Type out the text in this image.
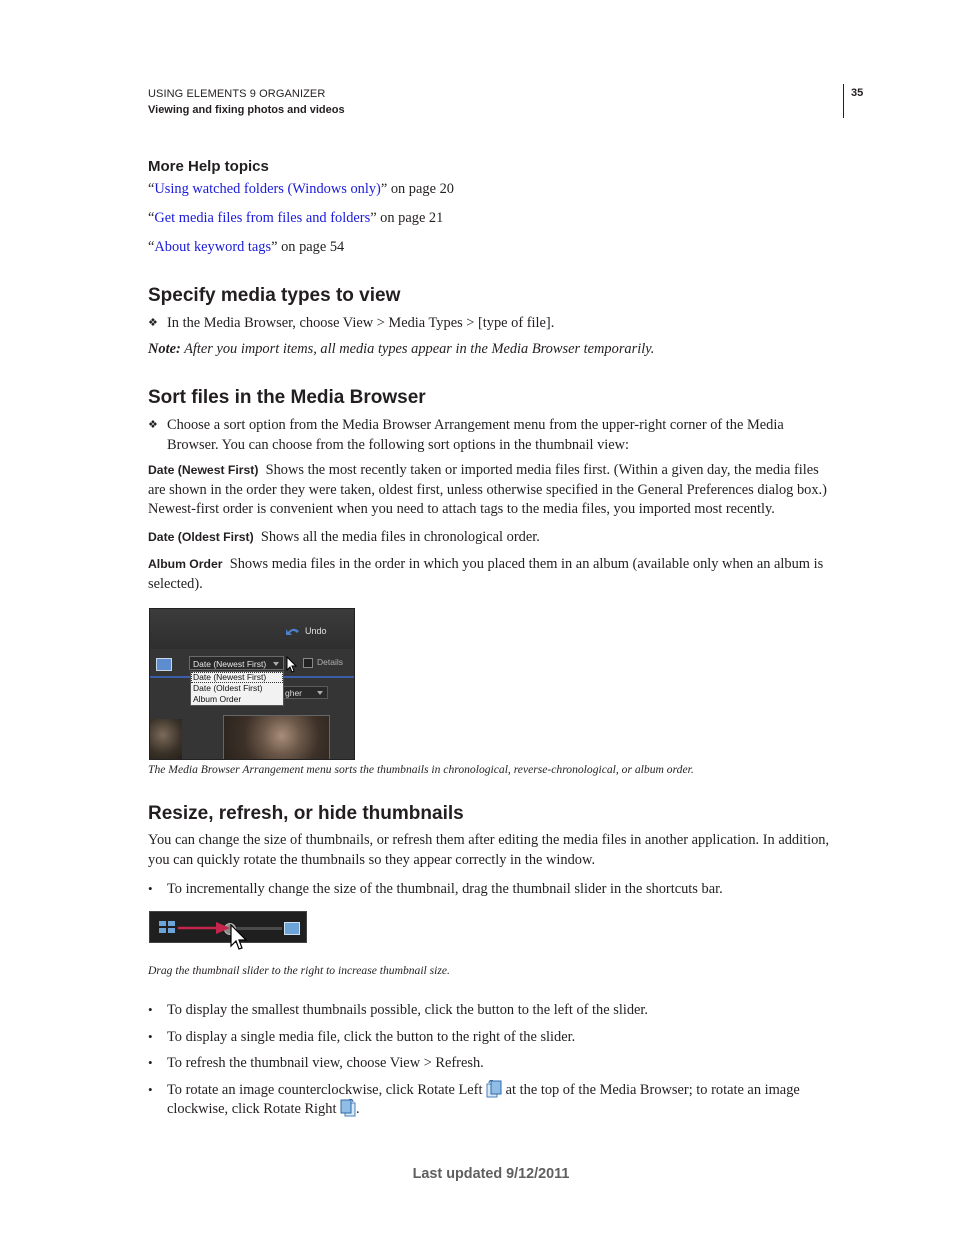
USING ELEMENTS 9 ORGANIZER
Viewing and fixing photos and videos
35
More Help topics
“Using watched folders (Windows only)” on page 20
“Get media files from files and folders” on page 21
“About keyword tags” on page 54
Specify media types to view
❖ In the Media Browser, choose View > Media Types > [type of file].
Note: After you import items, all media types appear in the Media Browser temporarily.
Sort files in the Media Browser
❖ Choose a sort option from the Media Browser Arrangement menu from the upper-right corner of the Media
Browser. You can choose from the following sort options in the thumbnail view:
Date (Newest First) Shows the most recently taken or imported media files first. (Within a given day, the media files
are shown in the order they were taken, oldest first, unless otherwise specified in the General Preferences dialog box.)
Newest-first order is convenient when you need to attach tags to the media files, you imported most recently.
Date (Oldest First) Shows all the media files in chronological order.
Album Order Shows media files in the order in which you placed them in an album (available only when an album is
selected).
Undo
Date (Newest First)	Details
gher
Date (Newest First)
Date (Oldest First)
Album Order
The Media Browser Arrangement menu sorts the thumbnails in chronological, reverse-chronological, or album order.
Resize, refresh, or hide thumbnails
You can change the size of thumbnails, or refresh them after editing the media files in another application. In addition,
you can quickly rotate the thumbnails so they appear correctly in the window.
• To incrementally change the size of the thumbnail, drag the thumbnail slider in the shortcuts bar.
Drag the thumbnail slider to the right to increase thumbnail size.
• To display the smallest thumbnails possible, click the button to the left of the slider.
• To display a single media file, click the button to the right of the slider.
• To refresh the thumbnail view, choose View > Refresh.
• To rotate an image counterclockwise, click Rotate Left  at the top of the Media Browser; to rotate an image
clockwise, click Rotate Right .
Last updated 9/12/2011
